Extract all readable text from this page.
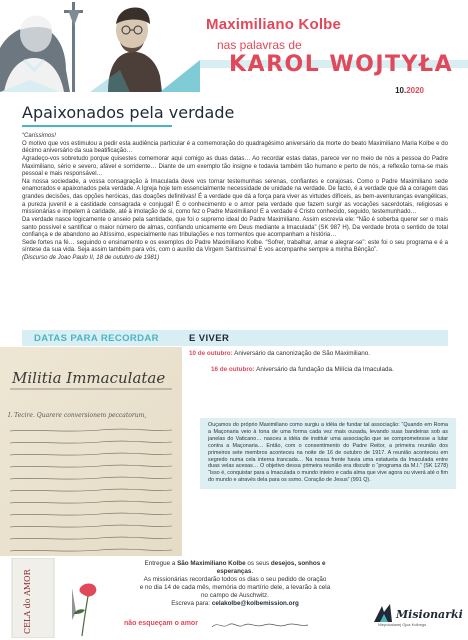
Maximiliano Kolbe
nas palavras de
KAROL WOJTYŁA
10.2020
Apaixonados pela verdade

“Caríssimos!

O motivo que vos estimulou a pedir esta audiência particular é a comemoração do quadragésimo aniversário da morte do beato Maximiliano Maria Kolbe e do décimo aniversário da sua beatificação…

Agradeço-vos sobretudo porque quisestes comemorar aqui comigo as duas datas… Ao recordar estas datas, parece ver no meio de nós a pessoa do Padre Maximiliano, sério e severo, afável e sorridente… Diante de um exemplo tão insigne e todavia também tão humano e perto de nós, a reflexão torna-se mais pessoal e mais responsável…

Na nossa sociedade, a vossa consagração à Imaculada deve vos tornar testemunhas serenas, confiantes e corajosas. Como o Padre Maximiliano sede enamorados e apaixonados pela verdade. A Igreja hoje tem essencialmente necessidade de unidade na verdade. De facto, é a verdade que dá a coragem das grandes decisões, das opções heróicas, das doações definitivas! É a verdade que dá a força para viver as virtudes difíceis, as bem-aventuranças evangélicas, a pureza juvenil e a castidade consagrada e conjugal! É o conhecimento e o amor pela verdade que fazem surgir as vocações sacerdotais, religiosas e missionárias e impelem à caridade, até à imolação de si, como fez o Padre Maximiliano! E a verdade é Cristo conhecido, seguido, testemunhado…

Da verdade nasce logicamente o anseio pela santidade, que foi o supremo ideal do Padre Maximiliano. Assim escrevia ele: “Não é soberba querer ser o mais santo possível e santificar o maior número de almas, confiando unicamente em Deus mediante a Imaculada” (SK 987 H). Da verdade brota o sentido de total confiança e de abandono ao Altíssimo, especialmente nas tribulações e nos tormentos que acompanham a história…

Sede fortes na fé… seguindo o ensinamento e os exemplos do Padre Maximiliano Kolbe. “Sofrer, trabalhar, amar e alegrar-se”: este foi o seu programa e é a síntese da sua vida. Seja assim também para vós, com o auxílio da Virgem Santíssima! E vos acompanhe sempre a minha Bênção”.

(Discurso de Joao Paulo II, 18 de outubro de 1981)

DATAS PARA RECORDAR	E VIVER
Militia Immaculatae
I. Tecire. Quarere conversionem peccatorum,
10 de outubro: Aniversário da canonização de São Maximiliano.
16 de outubro: Aniversário da fundação da Milícia da Imaculada.
Ouçamos do próprio Maximiliano como surgiu a idéia de fundar tal associação: “Quando em Roma a Maçonaria veio à tona de uma forma cada vez mais ousada, levando suas bandeiras sob as janelas do Vaticano… nasceu a idéia de instituir uma associação que se comprometesse a lutar contra a Maçonaria… Então, com o consentimento do Padre Reitor, a primeira reunião dos primeiros sete membros aconteceu na noite de 16 de outubro de 1917. A reunião aconteceu em segredo numa cela interna trancada… Na nossa frente havia uma estatueta da Imaculada entre duas velas acesas… O objetivo dessa primeira reunião era discutir o “programa da M.I.” (SK 1278) “Isso é, conquistar para a Imaculada o mundo inteiro e cada alma que vive agora ou viverá até o fim do mundo e através dela para os ssmo. Coração de Jesus” (991 Q).
CELA do AMOR
Entregue a São Maximiliano Kolbe os seus desejos, sonhos e esperanças.
As missionárias recordarão todos os dias o seu pedido de oração
e no dia 14 de cada mês, memória do martírio dele, a levarão à cela
no campo de Auschwitz.
Escreva para: celakolbe@kolbemission.org
não esqueçam o amor
Misionarki
Niepokalanej Ojca Kolbego
